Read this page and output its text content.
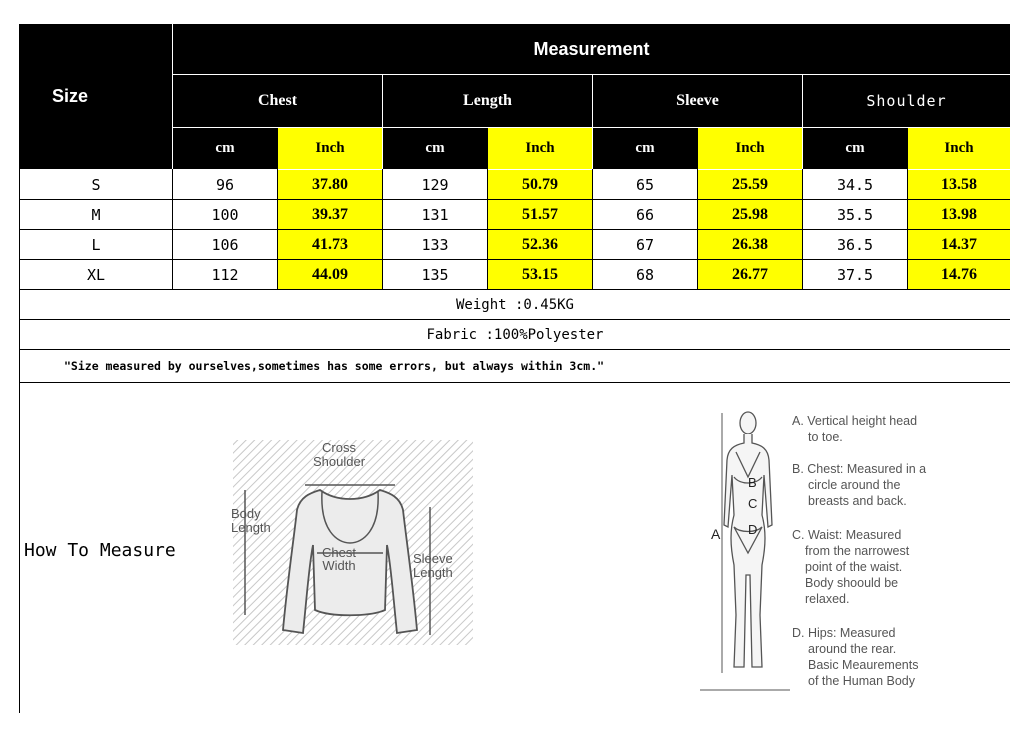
Size
Measurement
Chest	Length	Sleeve	Shoulder
cm	Inch	cm	Inch	cm	Inch	cm	Inch
S	96	37.80	129	50.79	65	25.59	34.5	13.58
M	100	39.37	131	51.57	66	25.98	35.5	13.98
L	106	41.73	133	52.36	67	26.38	36.5	14.37
XL	112	44.09	135	53.15	68	26.77	37.5	14.76
Weight :0.45KG
Fabric :100%Polyester
"Size measured by ourselves,sometimes has some errors, but always within 3cm."
How To Measure
Cross
Shoulder
Body
Length
Chest
Width	Sleeve
Length
A
B
C
D
A. Vertical height head
to toe.
B. Chest: Measured in a
circle around the
breasts and back.
C. Waist: Measured
from the narrowest
point of the waist.
Body shoould be
relaxed.
D. Hips: Measured
around the rear.
Basic Meaurements
of the Human Body
